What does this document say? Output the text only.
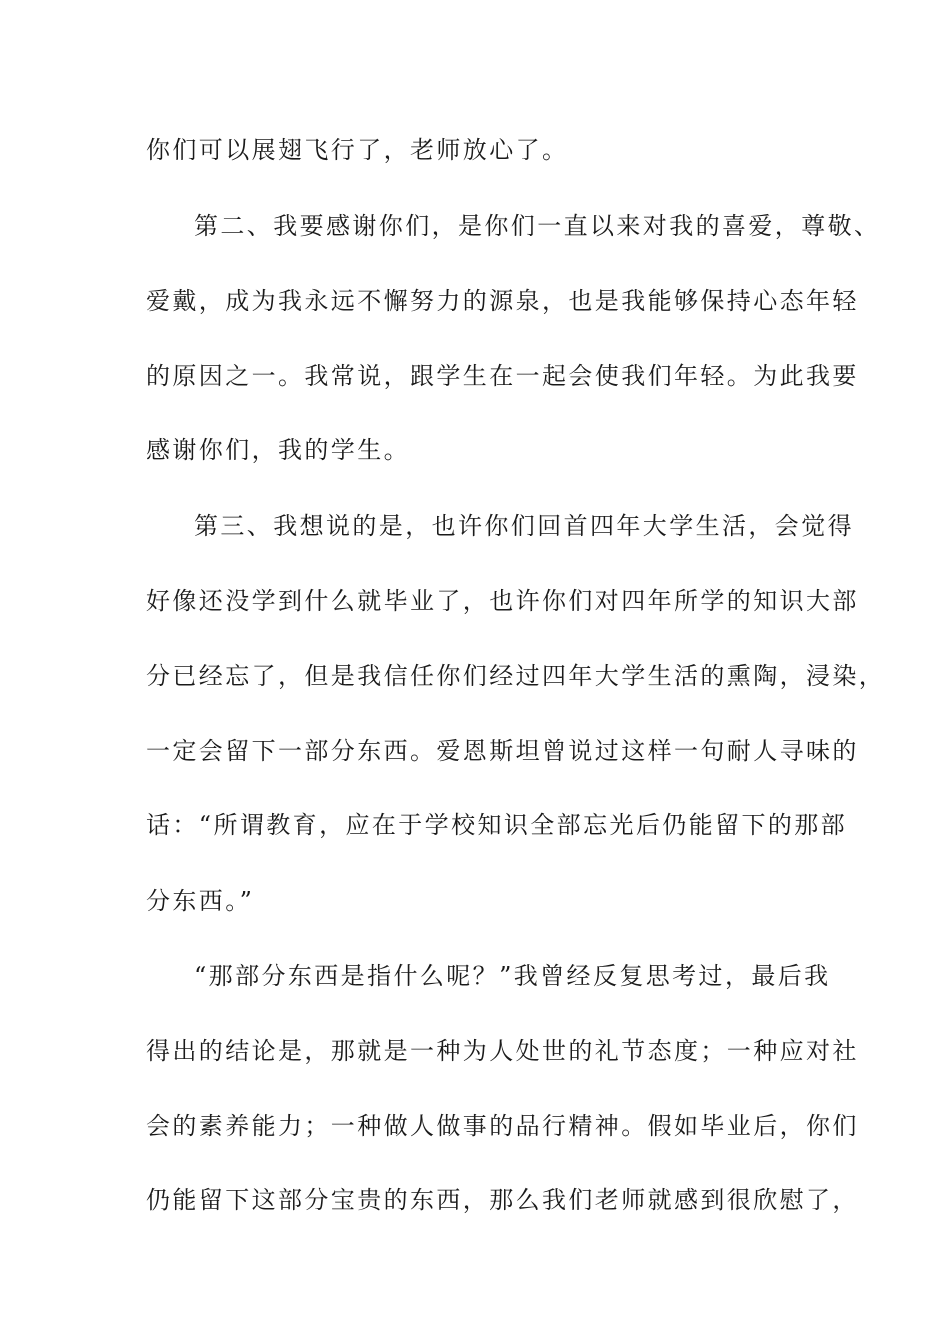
你们可以展翅飞行了，老师放心了。

第二、我要感谢你们，是你们一直以来对我的喜爱，尊敬、

爱戴，成为我永远不懈努力的源泉，也是我能够保持心态年轻

的原因之一。我常说，跟学生在一起会使我们年轻。为此我要

感谢你们，我的学生。

第三、我想说的是，也许你们回首四年大学生活，会觉得

好像还没学到什么就毕业了，也许你们对四年所学的知识大部

分已经忘了，但是我信任你们经过四年大学生活的熏陶，浸染，

一定会留下一部分东西。爱恩斯坦曾说过这样一句耐人寻味的

话：“所谓教育，应在于学校知识全部忘光后仍能留下的那部

分东西。”

“那部分东西是指什么呢？”我曾经反复思考过，最后我

得出的结论是，那就是一种为人处世的礼节态度；一种应对社

会的素养能力；一种做人做事的品行精神。假如毕业后，你们

仍能留下这部分宝贵的东西，那么我们老师就感到很欣慰了，
